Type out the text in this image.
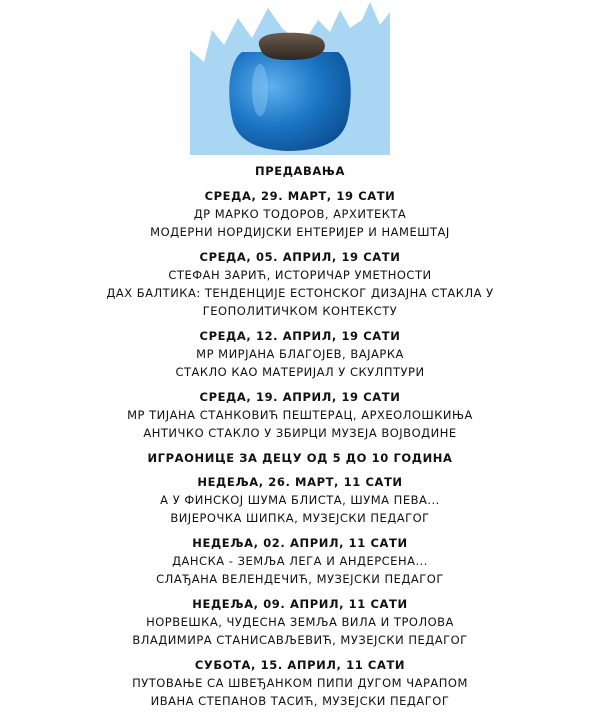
ПРЕДАВАЊА
СРЕДА, 29. МАРТ, 19 САТИ
ДР МАРКО ТОДОРОВ, АРХИТЕКТА
МОДЕРНИ НОРДИЈСКИ ЕНТЕРИЈЕР И НАМЕШТАЈ
СРЕДА, 05. АПРИЛ, 19 САТИ
СТЕФАН ЗАРИЋ, ИСТОРИЧАР УМЕТНОСТИ
ДАХ БАЛТИКА: ТЕНДЕНЦИЈЕ ЕСТОНСКОГ ДИЗАЈНА СТАКЛА У
ГЕОПОЛИТИЧКОМ КОНТЕКСТУ
СРЕДА, 12. АПРИЛ, 19 САТИ
МР МИРЈАНА БЛАГОЈЕВ, ВАЈАРКА
СТАКЛО КАО МАТЕРИЈАЛ У СКУЛПТУРИ
СРЕДА, 19. АПРИЛ, 19 САТИ
МР ТИЈАНА СТАНКОВИЋ ПЕШТЕРАЦ, АРХЕОЛОШКИЊА
АНТИЧКО СТАКЛО У ЗБИРЦИ МУЗЕЈА ВОЈВОДИНЕ
ИГРАОНИЦЕ ЗА ДЕЦУ ОД 5 ДО 10 ГОДИНА
НЕДЕЉА, 26. МАРТ, 11 САТИ
А У ФИНСКОЈ ШУМА БЛИСТА, ШУМА ПЕВА...
ВИЈЕРОЧКА ШИПКА, МУЗЕЈСКИ ПЕДАГОГ
НЕДЕЉА, 02. АПРИЛ, 11 САТИ
ДАНСКА - ЗЕМЉА ЛЕГА И АНДЕРСЕНА...
СЛАЂАНА ВЕЛЕНДЕЧИЋ, МУЗЕЈСКИ ПЕДАГОГ
НЕДЕЉА, 09. АПРИЛ, 11 САТИ
НОРВЕШКА, ЧУДЕСНА ЗЕМЉА ВИЛА И ТРОЛОВА
ВЛАДИМИРА СТАНИСАВЉЕВИЋ, МУЗЕЈСКИ ПЕДАГОГ
СУБОТА, 15. АПРИЛ, 11 САТИ
ПУТОВАЊЕ СА ШВЕЂАНКОМ ПИПИ ДУГОМ ЧАРАПОМ
ИВАНА СТЕПАНОВ ТАСИЋ, МУЗЕЈСКИ ПЕДАГОГ
